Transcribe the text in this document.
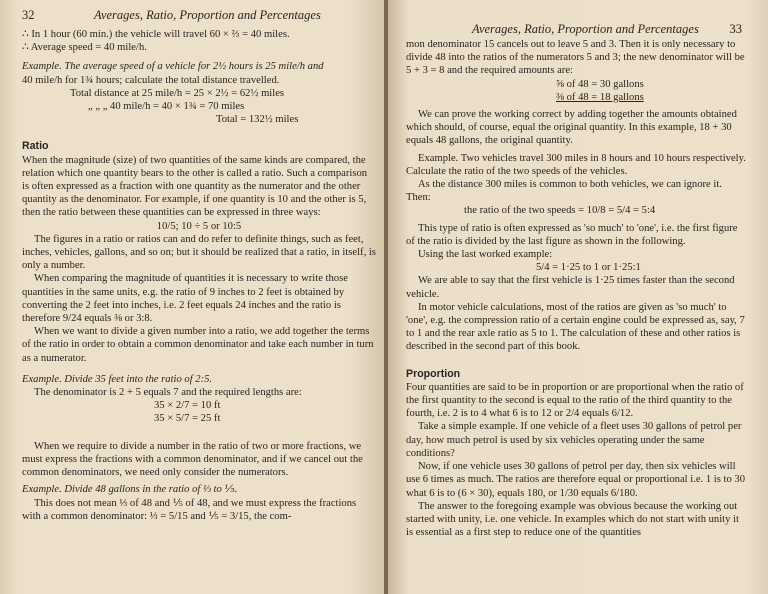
32	Averages, Ratio, Proportion and Percentages
∴ In 1 hour (60 min.) the vehicle will travel 60 × ⅔ = 40 miles.
∴ Average speed = 40 mile/h.
Example. The average speed of a vehicle for 2½ hours is 25 mile/h and
40 mile/h for 1¾ hours; calculate the total distance travelled.
Total distance at 25 mile/h = 25 × 2½ = 62½ miles
„ „ „ 40 mile/h = 40 × 1¾ = 70 miles
Total = 132½ miles
Ratio

When the magnitude (size) of two quantities of the same kinds are compared, the relation which one quantity bears to the other is called a ratio. Such a comparison is often expressed as a fraction with one quantity as the numerator and the other quantity as the denominator. For example, if one quantity is 10 and the other is 5, then the ratio between these quantities can be expressed in three ways:

10/5; 10 ÷ 5 or 10:5

The figures in a ratio or ratios can and do refer to definite things, such as feet, inches, vehicles, gallons, and so on; but it should be realized that a ratio, in itself, is only a number.

When comparing the magnitude of quantities it is necessary to write those quantities in the same units, e.g. the ratio of 9 inches to 2 feet is obtained by converting the 2 feet into inches, i.e. 2 feet equals 24 inches and the ratio is therefore 9/24 equals ⅜ or 3:8.

When we want to divide a given number into a ratio, we add together the terms of the ratio in order to obtain a common denominator and take each number in turn as a numerator.

Example. Divide 35 feet into the ratio of 2:5.
The denominator is 2 + 5 equals 7 and the required lengths are:
35 × 2/7 = 10 ft
35 × 5/7 = 25 ft

When we require to divide a number in the ratio of two or more fractions, we must express the fractions with a common denominator, and if we cancel out the common denominators, we need only consider the numerators.

Example. Divide 48 gallons in the ratio of ⅓ to ⅕.

This does not mean ⅓ of 48 and ⅕ of 48, and we must express the fractions with a common denominator: ⅓ = 5/15 and ⅕ = 3/15, the com-

Averages, Ratio, Proportion and Percentages 33

mon denominator 15 cancels out to leave 5 and 3. Then it is only necessary to divide 48 into the ratios of the numerators 5 and 3; the new denominator will be 5 + 3 = 8 and the required amounts are:

⅝ of 48 = 30 gallons
⅜ of 48 = 18 gallons

We can prove the working correct by adding together the amounts obtained which should, of course, equal the original quantity. In this example, 18 + 30 equals 48 gallons, the original quantity.

Example. Two vehicles travel 300 miles in 8 hours and 10 hours respectively. Calculate the ratio of the two speeds of the vehicles.

As the distance 300 miles is common to both vehicles, we can ignore it. Then:

the ratio of the two speeds = 10/8 = 5/4 = 5:4

This type of ratio is often expressed as 'so much' to 'one', i.e. the first figure of the ratio is divided by the last figure as shown in the following.

Using the last worked example:
5/4 = 1·25 to 1 or 1·25:1

We are able to say that the first vehicle is 1·25 times faster than the second vehicle.

In motor vehicle calculations, most of the ratios are given as 'so much' to 'one', e.g. the compression ratio of a certain engine could be expressed as, say, 7 to 1 and the rear axle ratio as 5 to 1. The calculation of these and other ratios is described in the second part of this book.

Proportion

Four quantities are said to be in proportion or are proportional when the ratio of the first quantity to the second is equal to the ratio of the third quantity to the fourth, i.e. 2 is to 4 what 6 is to 12 or 2/4 equals 6/12.

Take a simple example. If one vehicle of a fleet uses 30 gallons of petrol per day, how much petrol is used by six vehicles operating under the same conditions?

Now, if one vehicle uses 30 gallons of petrol per day, then six vehicles will use 6 times as much. The ratios are therefore equal or proportional i.e. 1 is to 30 what 6 is to (6 × 30), equals 180, or 1/30 equals 6/180.

The answer to the foregoing example was obvious because the working out started with unity, i.e. one vehicle. In examples which do not start with unity it is essential as a first step to reduce one of the quantities
